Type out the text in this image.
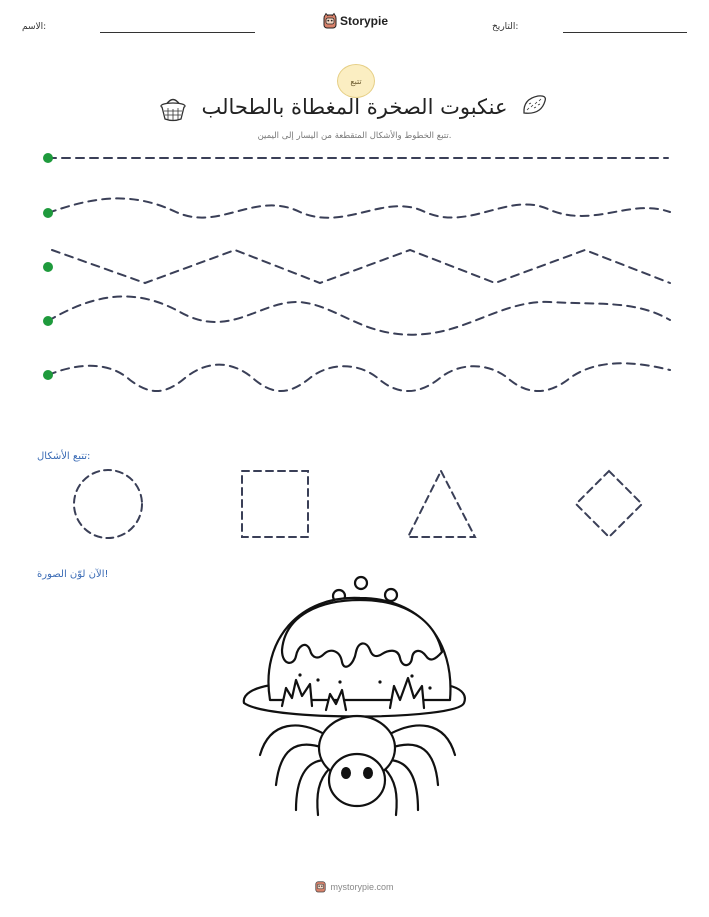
الاسم:	التاريخ:
Storypie
تتبع
عنكبوت الصخرة المغطاة بالطحالب
تتبع الخطوط والأشكال المتقطعة من اليسار إلى اليمين.
تتبع الأشكال:
الآن لوّن الصورة!
mystorypie.com
